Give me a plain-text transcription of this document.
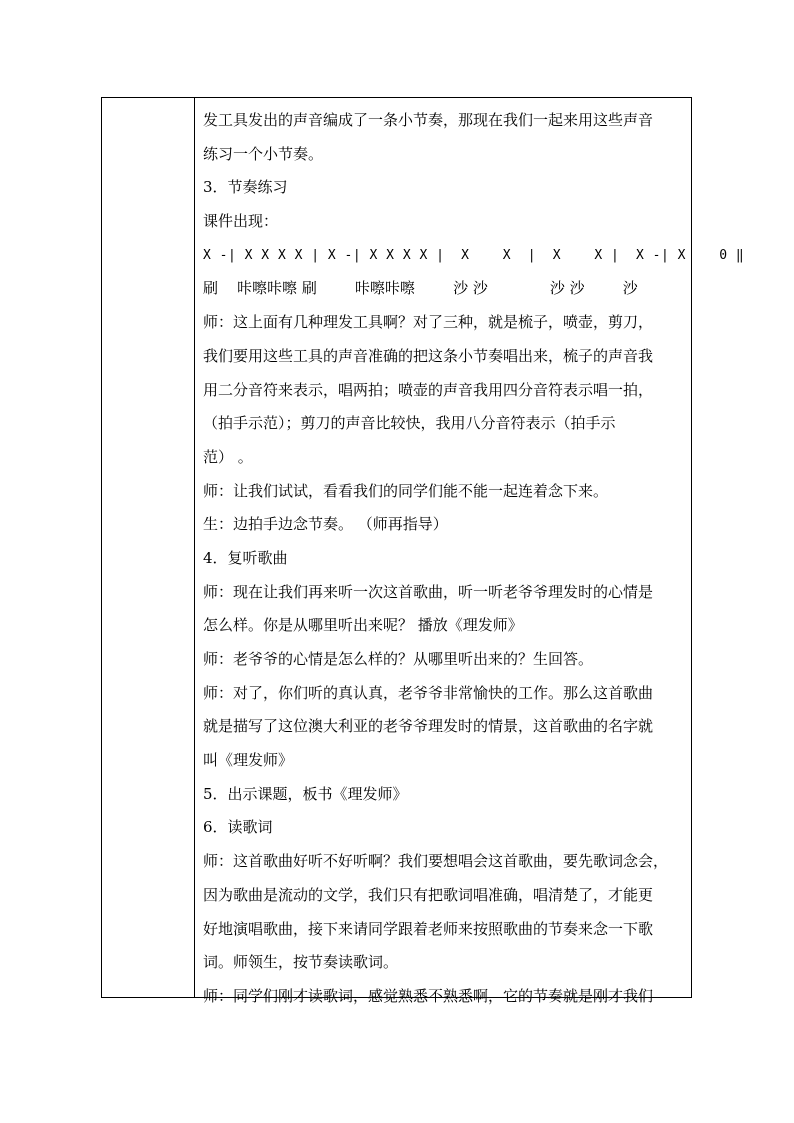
发工具发出的声音编成了一条小节奏，那现在我们一起来用这些声音
练习一个小节奏。
3．节奏练习
课件出现：
X -| X X X X | X -| X X X X |  X    X  |  X    X |  X -| X    0 ‖
刷    咔嚓咔嚓 刷        咔嚓咔嚓        沙 沙             沙 沙        沙
师：这上面有几种理发工具啊？对了三种，就是梳子，喷壶，剪刀，
我们要用这些工具的声音准确的把这条小节奏唱出来，梳子的声音我
用二分音符来表示，唱两拍；喷壶的声音我用四分音符表示唱一拍，
（拍手示范）；剪刀的声音比较快，我用八分音符表示（拍手示
范） 。
师：让我们试试，看看我们的同学们能不能一起连着念下来。
生：边拍手边念节奏。 （师再指导）
4．复听歌曲
师：现在让我们再来听一次这首歌曲，听一听老爷爷理发时的心情是
怎么样。你是从哪里听出来呢？ 播放《理发师》
师：老爷爷的心情是怎么样的？从哪里听出来的？生回答。
师：对了，你们听的真认真，老爷爷非常愉快的工作。那么这首歌曲
就是描写了这位澳大利亚的老爷爷理发时的情景，这首歌曲的名字就
叫《理发师》
5．出示课题，板书《理发师》
6．读歌词
师：这首歌曲好听不好听啊？我们要想唱会这首歌曲，要先歌词念会，
因为歌曲是流动的文学，我们只有把歌词唱准确，唱清楚了，才能更
好地演唱歌曲，接下来请同学跟着老师来按照歌曲的节奏来念一下歌
词。师领生，按节奏读歌词。
师：同学们刚才读歌词，感觉熟悉不熟悉啊，它的节奏就是刚才我们
